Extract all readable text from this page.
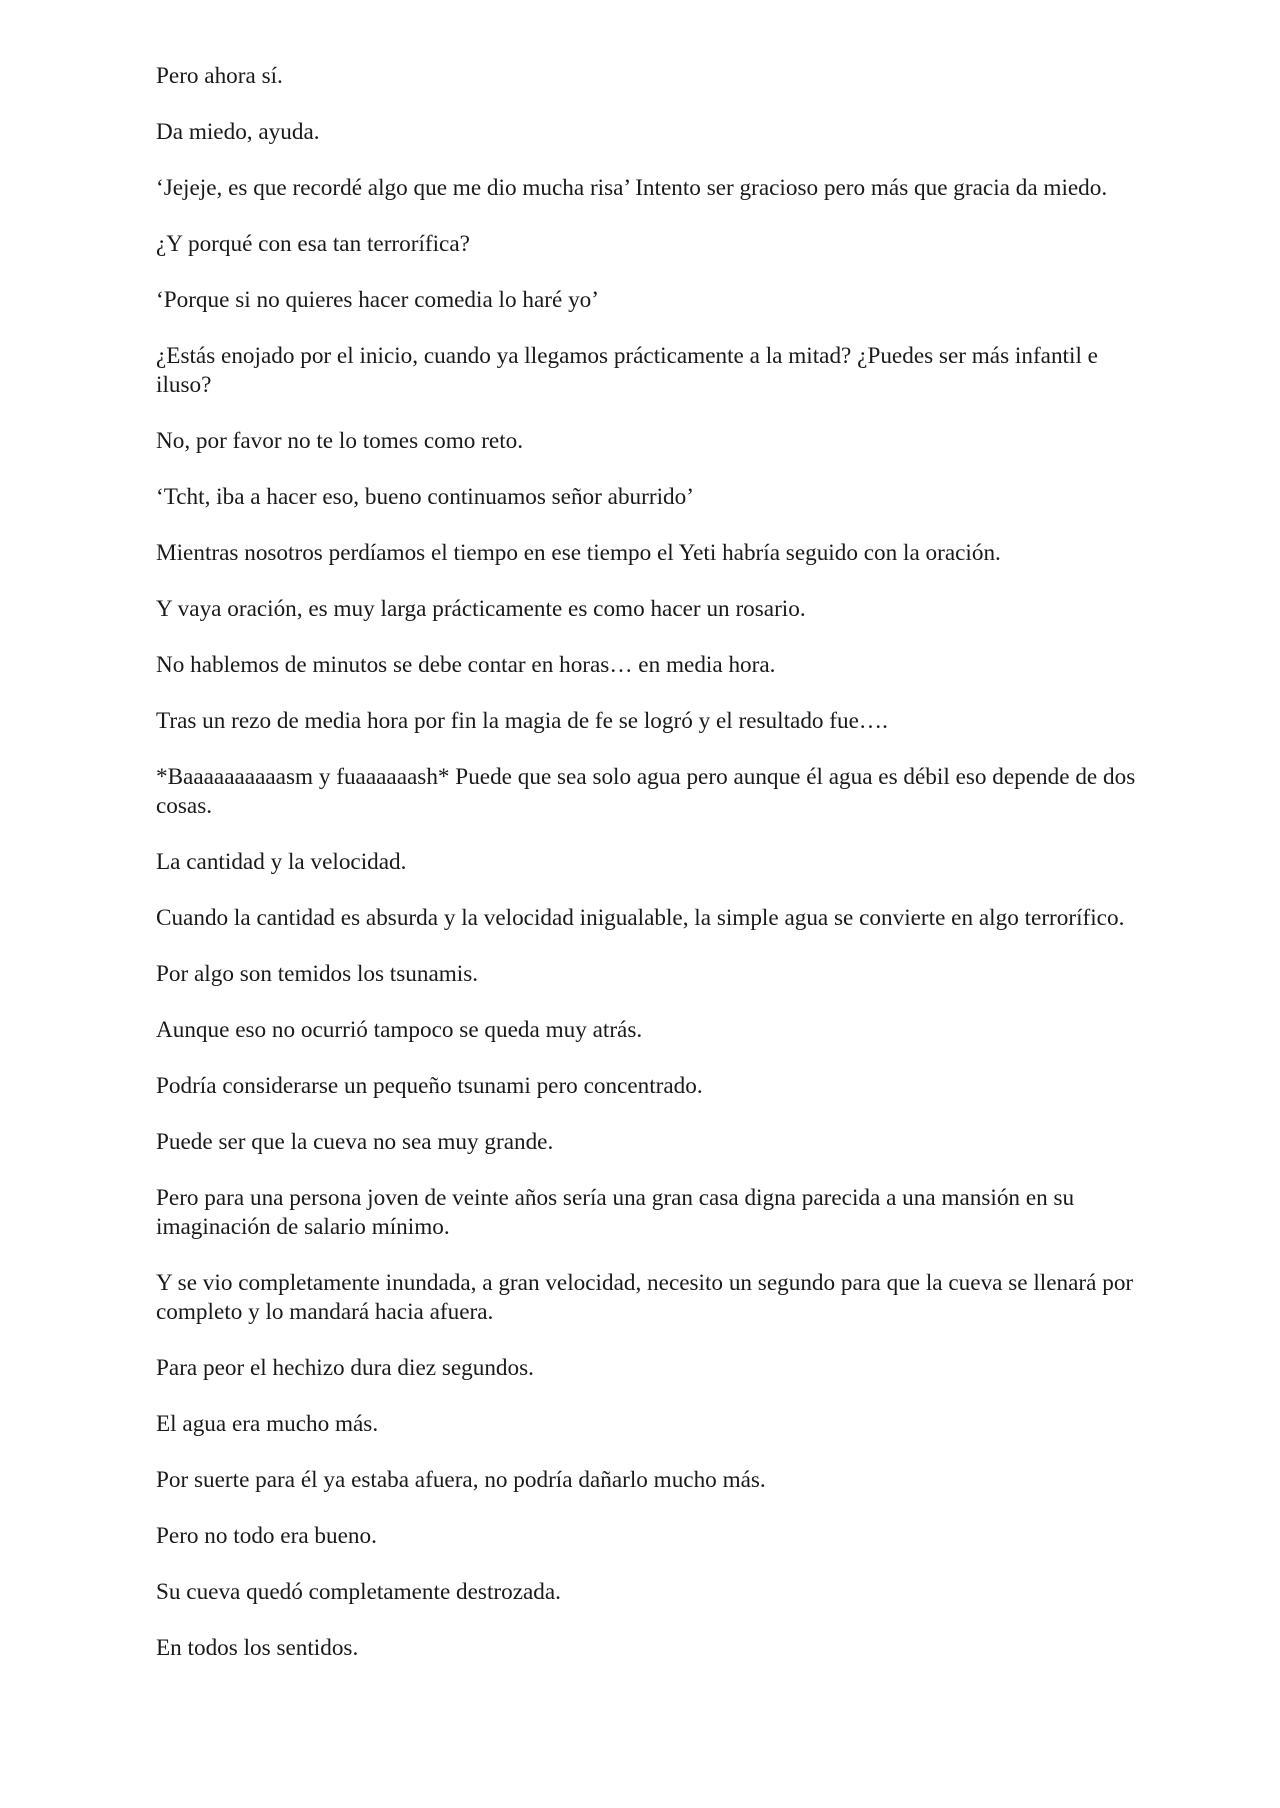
Pero ahora sí.

Da miedo, ayuda.

‘Jejeje, es que recordé algo que me dio mucha risa’ Intento ser gracioso pero más que gracia da miedo.

¿Y porqué con esa tan terrorífica?

‘Porque si no quieres hacer comedia lo haré yo’

¿Estás enojado por el inicio, cuando ya llegamos prácticamente a la mitad? ¿Puedes ser más infantil e iluso?

No, por favor no te lo tomes como reto.

‘Tcht, iba a hacer eso, bueno continuamos señor aburrido’

Mientras nosotros perdíamos el tiempo en ese tiempo el Yeti habría seguido con la oración.

Y vaya oración, es muy larga prácticamente es como hacer un rosario.

No hablemos de minutos se debe contar en horas… en media hora.

Tras un rezo de media hora por fin la magia de fe se logró y el resultado fue….

*Baaaaaaaaaasm y fuaaaaaash* Puede que sea solo agua pero aunque él agua es débil eso depende de dos cosas.

La cantidad y la velocidad.

Cuando la cantidad es absurda y la velocidad inigualable, la simple agua se convierte en algo terrorífico.

Por algo son temidos los tsunamis.

Aunque eso no ocurrió tampoco se queda muy atrás.

Podría considerarse un pequeño tsunami pero concentrado.

Puede ser que la cueva no sea muy grande.

Pero para una persona joven de veinte años sería una gran casa digna parecida a una mansión en su imaginación de salario mínimo.

Y se vio completamente inundada, a gran velocidad, necesito un segundo para que la cueva se llenará por completo y lo mandará hacia afuera.

Para peor el hechizo dura diez segundos.

El agua era mucho más.

Por suerte para él ya estaba afuera, no podría dañarlo mucho más.

Pero no todo era bueno.

Su cueva quedó completamente destrozada.

En todos los sentidos.
